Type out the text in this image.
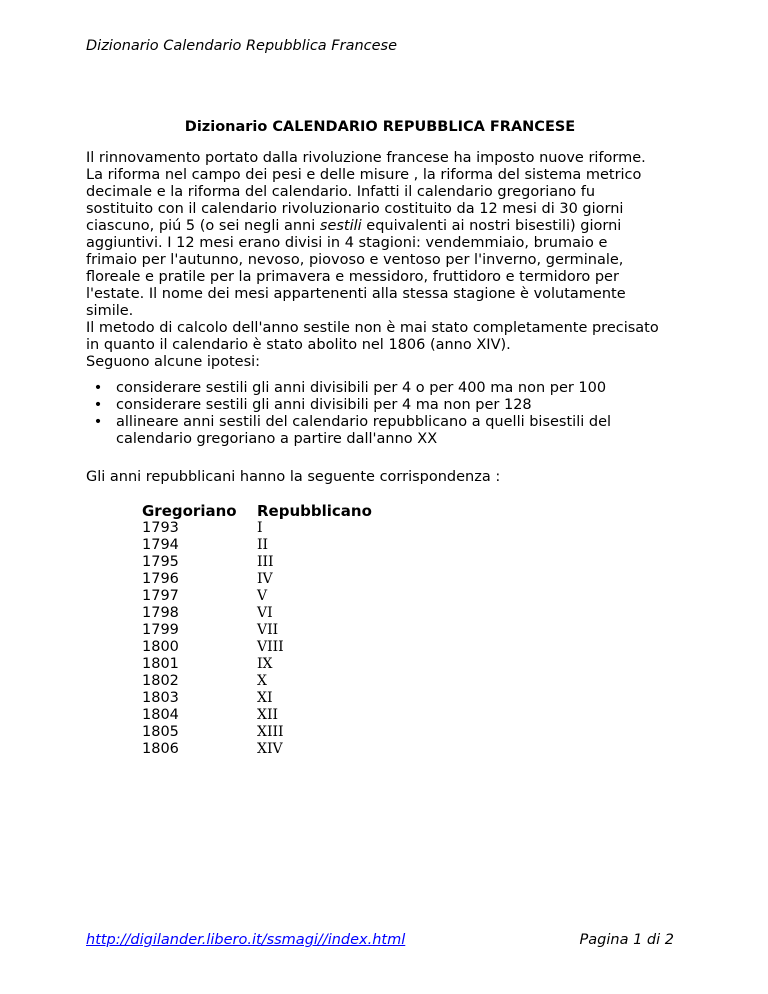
Dizionario Calendario Repubblica Francese
Dizionario CALENDARIO REPUBBLICA FRANCESE

Il rinnovamento portato dalla rivoluzione francese ha imposto nuove riforme.
La riforma nel campo dei pesi e delle misure , la riforma del sistema metrico
decimale e la riforma del calendario. Infatti il calendario gregoriano fu
sostituito con il calendario rivoluzionario costituito da 12 mesi di 30 giorni
ciascuno, piú 5 (o sei negli anni sestili equivalenti ai nostri bisestili) giorni
aggiuntivi. I 12 mesi erano divisi in 4 stagioni: vendemmiaio, brumaio e
frimaio per l'autunno, nevoso, piovoso e ventoso per l'inverno, germinale,
floreale e pratile per la primavera e messidoro, fruttidoro e termidoro per
l'estate. Il nome dei mesi appartenenti alla stessa stagione è volutamente
simile.

Il metodo di calcolo dell'anno sestile non è mai stato completamente precisato
in quanto il calendario è stato abolito nel 1806 (anno XIV).
Seguono alcune ipotesi:

• considerare sestili gli anni divisibili per 4 o per 400 ma non per 100
• considerare sestili gli anni divisibili per 4 ma non per 128
• allineare anni sestili del calendario repubblicano a quelli bisestili del
calendario gregoriano a partire dall'anno XX

Gli anni repubblicani hanno la seguente corrispondenza :

Gregoriano	Repubblicano
1793	I
1794	II
1795	III
1796	IV
1797	V
1798	VI
1799	VII
1800	VIII
1801	IX
1802	X
1803	XI
1804	XII
1805	XIII
1806	XIV
http://digilander.libero.it/ssmagi//index.html	Pagina 1 di 2
